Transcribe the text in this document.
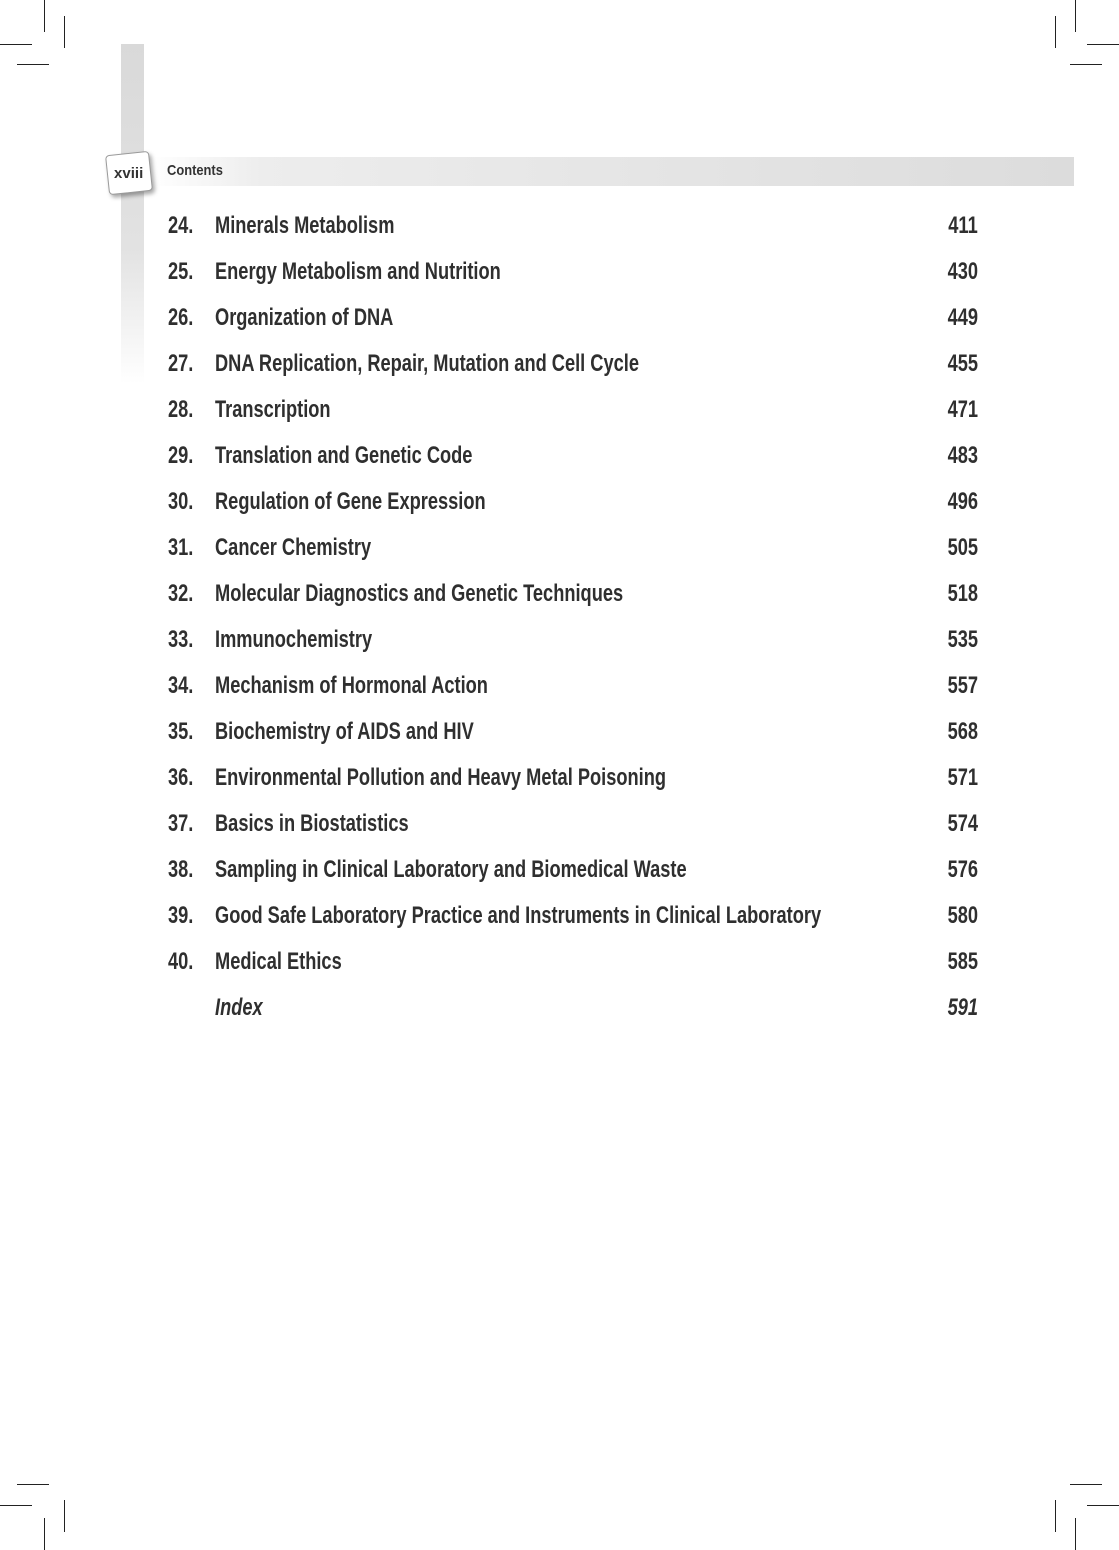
xviii Contents
24. Minerals Metabolism	411
25. Energy Metabolism and Nutrition	430
26. Organization of DNA	449
27. DNA Replication, Repair, Mutation and Cell Cycle	455
28. Transcription	471
29. Translation and Genetic Code	483
30. Regulation of Gene Expression	496
31. Cancer Chemistry	505
32. Molecular Diagnostics and Genetic Techniques	518
33. Immunochemistry	535
34. Mechanism of Hormonal Action	557
35. Biochemistry of AIDS and HIV	568
36. Environmental Pollution and Heavy Metal Poisoning	571
37. Basics in Biostatistics	574
38. Sampling in Clinical Laboratory and Biomedical Waste	576
39. Good Safe Laboratory Practice and Instruments in Clinical Laboratory	580
40. Medical Ethics	585
Index	591
